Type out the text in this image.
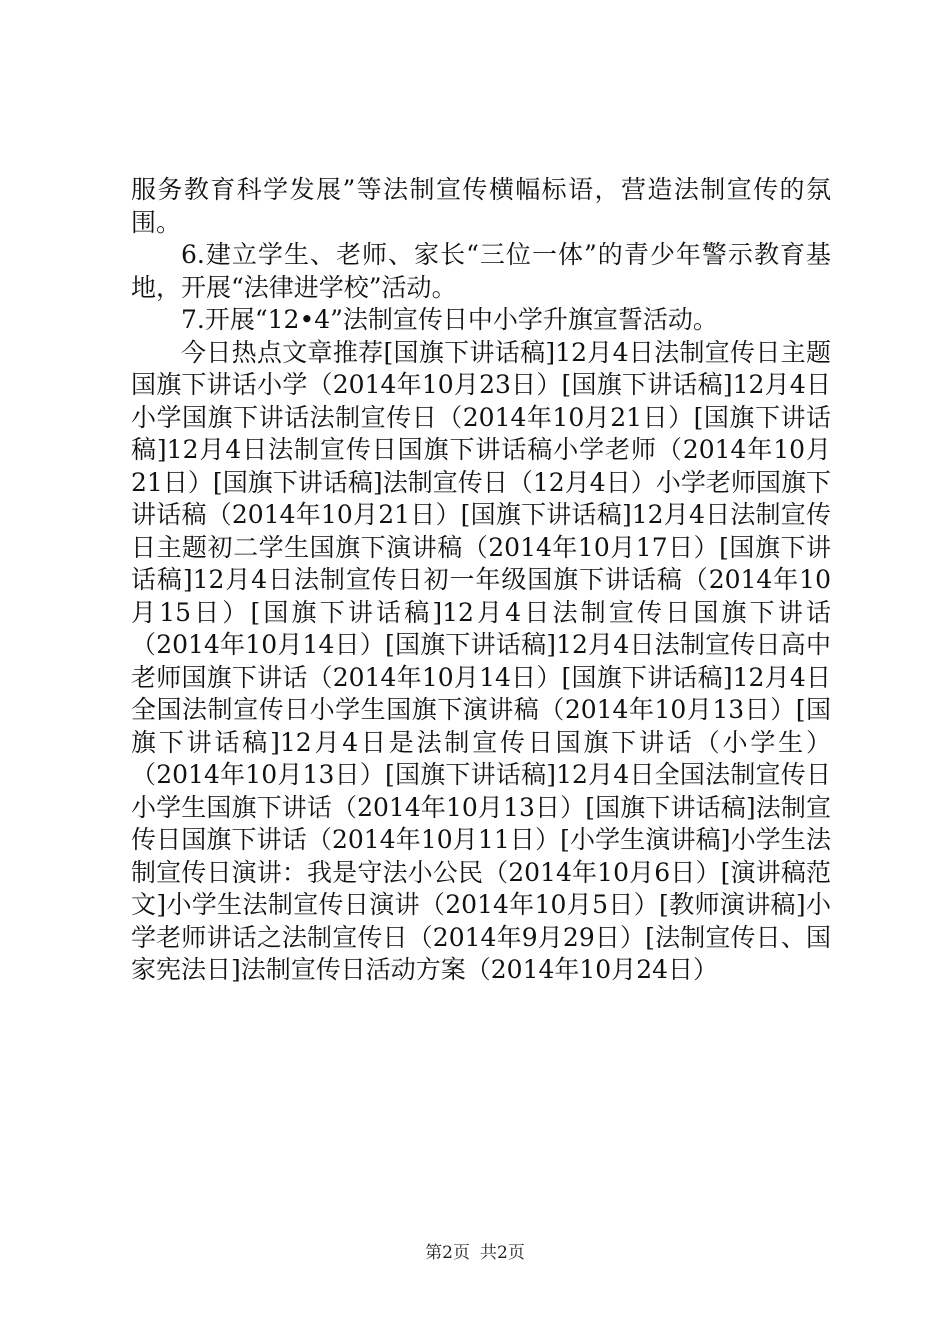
服务教育科学发展”等法制宣传横幅标语，营造法制宣传的氛围。

6.建立学生、老师、家长“三位一体”的青少年警示教育基地，开展“法律进学校”活动。

7.开展“12•4”法制宣传日中小学升旗宣誓活动。

今日热点文章推荐[国旗下讲话稿]12月4日法制宣传日主题国旗下讲话小学（2014年10月23日）[国旗下讲话稿]12月4日小学国旗下讲话法制宣传日（2014年10月21日）[国旗下讲话稿]12月4日法制宣传日国旗下讲话稿小学老师（2014年10月21日）[国旗下讲话稿]法制宣传日（12月4日）小学老师国旗下讲话稿（2014年10月21日）[国旗下讲话稿]12月4日法制宣传日主题初二学生国旗下演讲稿（2014年10月17日）[国旗下讲话稿]12月4日法制宣传日初一年级国旗下讲话稿（2014年10月15日）[国旗下讲话稿]12月4日法制宣传日国旗下讲话（2014年10月14日）[国旗下讲话稿]12月4日法制宣传日高中老师国旗下讲话（2014年10月14日）[国旗下讲话稿]12月4日全国法制宣传日小学生国旗下演讲稿（2014年10月13日）[国旗下讲话稿]12月4日是法制宣传日国旗下讲话（小学生）（2014年10月13日）[国旗下讲话稿]12月4日全国法制宣传日小学生国旗下讲话（2014年10月13日）[国旗下讲话稿]法制宣传日国旗下讲话（2014年10月11日）[小学生演讲稿]小学生法制宣传日演讲：我是守法小公民（2014年10月6日）[演讲稿范文]小学生法制宣传日演讲（2014年10月5日）[教师演讲稿]小学老师讲话之法制宣传日（2014年9月29日）[法制宣传日、国家宪法日]法制宣传日活动方案（2014年10月24日）

第2页 共2页
